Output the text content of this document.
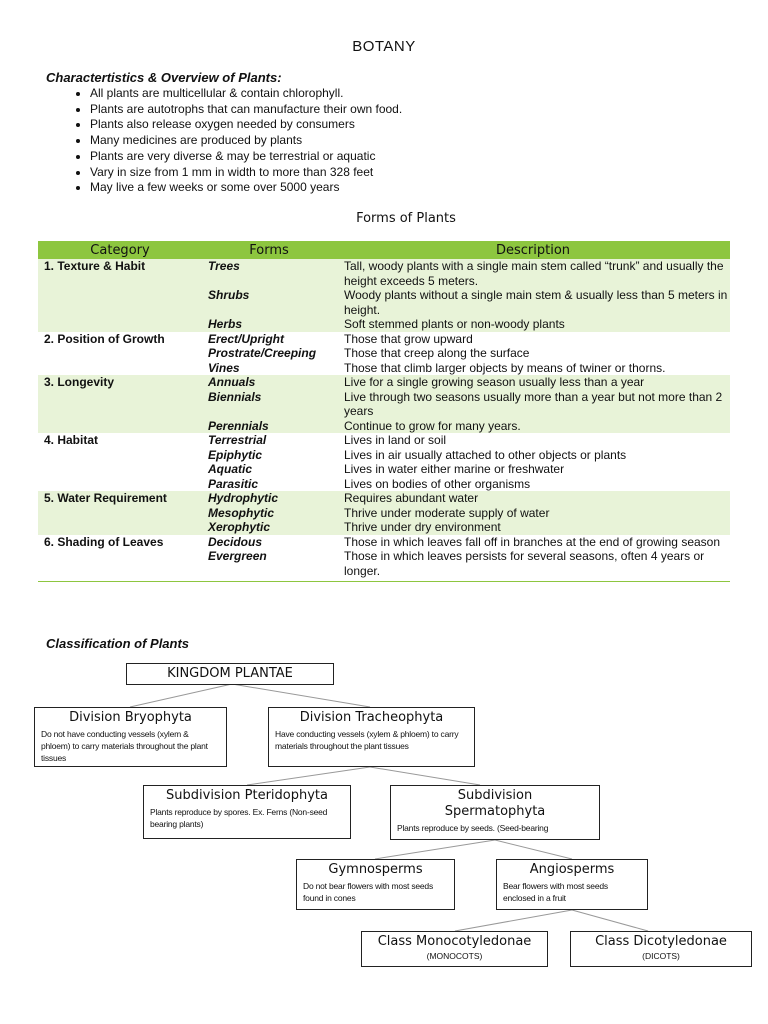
BOTANY
Charactertistics & Overview of Plants:
• All plants are multicellular & contain chlorophyll.
• Plants are autotrophs that can manufacture their own food.
• Plants also release oxygen needed by consumers
• Many medicines are produced by plants
• Plants are very diverse & may be terrestrial or aquatic
• Vary in size from 1 mm in width to more than 328 feet
• May live a few weeks or some over 5000 years
Forms of Plants
Category	Forms	Description
1. Texture & Habit	Trees	Tall, woody plants with a single main stem called “trunk” and usually the height exceeds 5 meters.
	Shrubs	Woody plants without a single main stem & usually less than 5 meters in height.
	Herbs	Soft stemmed plants or non-woody plants
2. Position of Growth	Erect/Upright	Those that grow upward
	Prostrate/Creeping	Those that creep along the surface
	Vines	Those that climb larger objects by means of twiner or thorns.
3. Longevity	Annuals	Live for a single growing season usually less than a year
	Biennials	Live through two seasons usually more than a year but not more than 2 years
	Perennials	Continue to grow for many years.
4. Habitat	Terrestrial	Lives in land or soil
	Epiphytic	Lives in air usually attached to other objects or plants
	Aquatic	Lives in water either marine or freshwater
	Parasitic	Lives on bodies of other organisms
5. Water Requirement	Hydrophytic	Requires abundant water
	Mesophytic	Thrive under moderate supply of water
	Xerophytic	Thrive under dry environment
6. Shading of Leaves	Decidous	Those in which leaves fall off in branches at the end of growing season
	Evergreen	Those in which leaves persists for several seasons, often 4 years or longer.
Classification of Plants
KINGDOM PLANTAE
Division Bryophyta
Do not have conducting vessels (xylem & phloem) to carry materials throughout the plant tissues
Division Tracheophyta
Have conducting vessels (xylem & phloem) to carry materials throughout the plant tissues
Subdivision Pteridophyta
Plants reproduce by spores. Ex. Ferns (Non-seed bearing plants)
Subdivision Spermatophyta
Plants reproduce by seeds. (Seed-bearing
Gymnosperms
Do not bear flowers with most seeds found in cones
Angiosperms
Bear flowers with most seeds enclosed in a fruit
Class Monocotyledonae
(MONOCOTS)
Class Dicotyledonae
(DICOTS)
